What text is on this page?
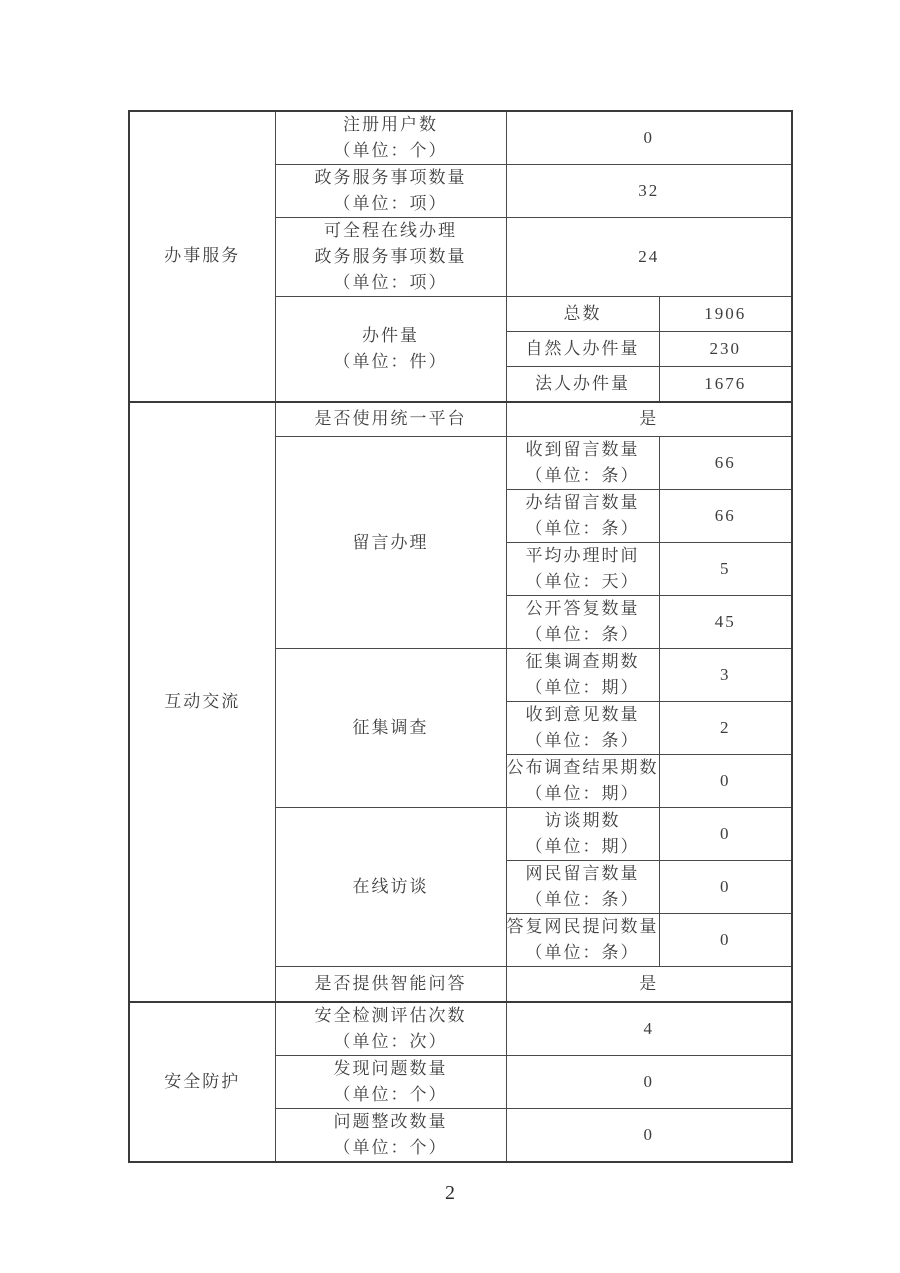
办事服务	注册用户数
（单位：个）	0	

	政务服务事项数量
（单位：项）	32	

	可全程在线办理
政务服务事项数量
（单位：项）	24	

	办件量
（单位：件）	总数	1906
		自然人办件量	230
		法人办件量	1676

互动交流	是否使用统一平台	是	
	留言办理	收到留言数量
（单位：条）	66

		办结留言数量
（单位：条）	66

		平均办理时间
（单位：天）	5

		公开答复数量
（单位：条）	45
	征集调查	征集调查期数
（单位：期）	3

		收到意见数量
（单位：条）	2

		公布调查结果期数
（单位：期）	0
	在线访谈	访谈期数
（单位：期）	0

		网民留言数量
（单位：条）	0

		答复网民提问数量
（单位：条）	0
	是否提供智能问答	是	

安全防护	安全检测评估次数
（单位：次）	4	

	发现问题数量
（单位：个）	0	

	问题整改数量
（单位：个）	0	
2
